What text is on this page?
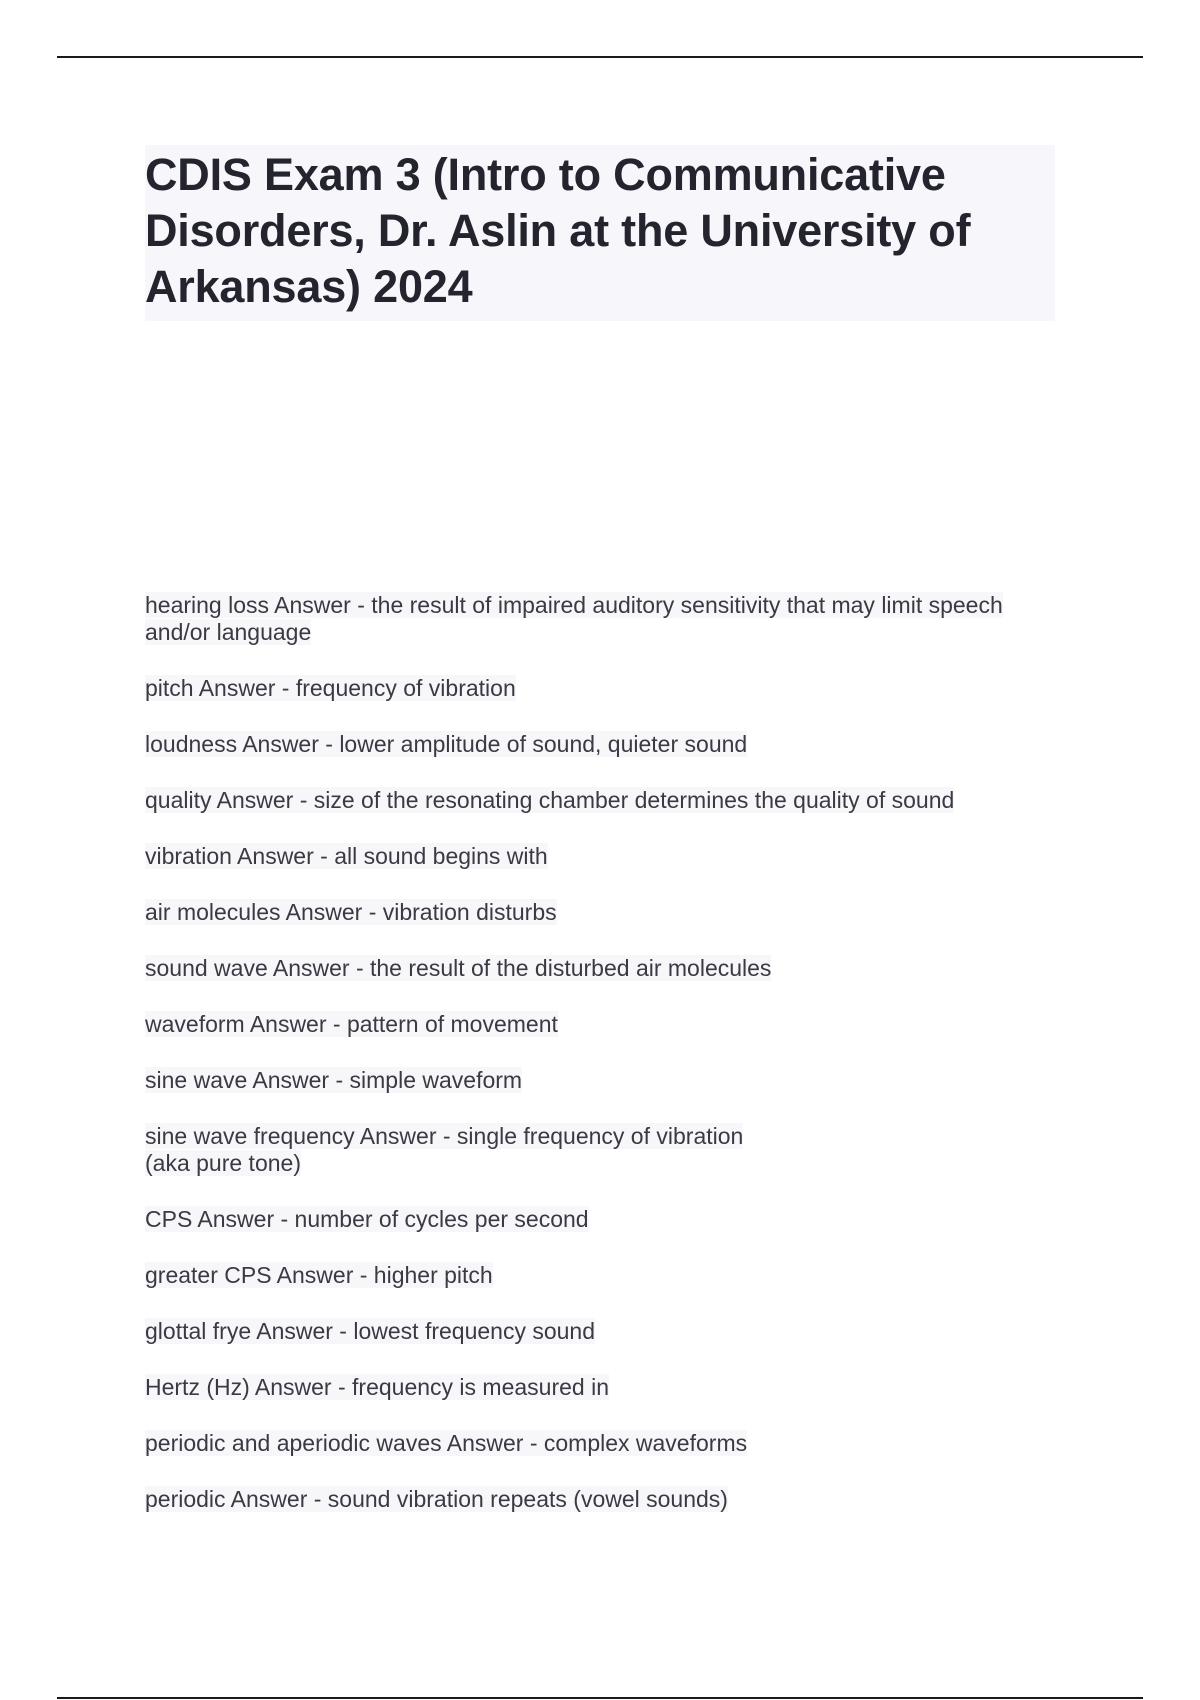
CDIS Exam 3 (Intro to Communicative Disorders, Dr. Aslin at the University of Arkansas) 2024

hearing loss Answer - the result of impaired auditory sensitivity that may limit speech
and/or language

pitch Answer - frequency of vibration

loudness Answer - lower amplitude of sound, quieter sound

quality Answer - size of the resonating chamber determines the quality of sound

vibration Answer - all sound begins with

air molecules Answer - vibration disturbs

sound wave Answer - the result of the disturbed air molecules

waveform Answer - pattern of movement

sine wave Answer - simple waveform

sine wave frequency Answer - single frequency of vibration
(aka pure tone)

CPS Answer - number of cycles per second

greater CPS Answer - higher pitch

glottal frye Answer - lowest frequency sound

Hertz (Hz) Answer - frequency is measured in

periodic and aperiodic waves Answer - complex waveforms

periodic Answer - sound vibration repeats (vowel sounds)
